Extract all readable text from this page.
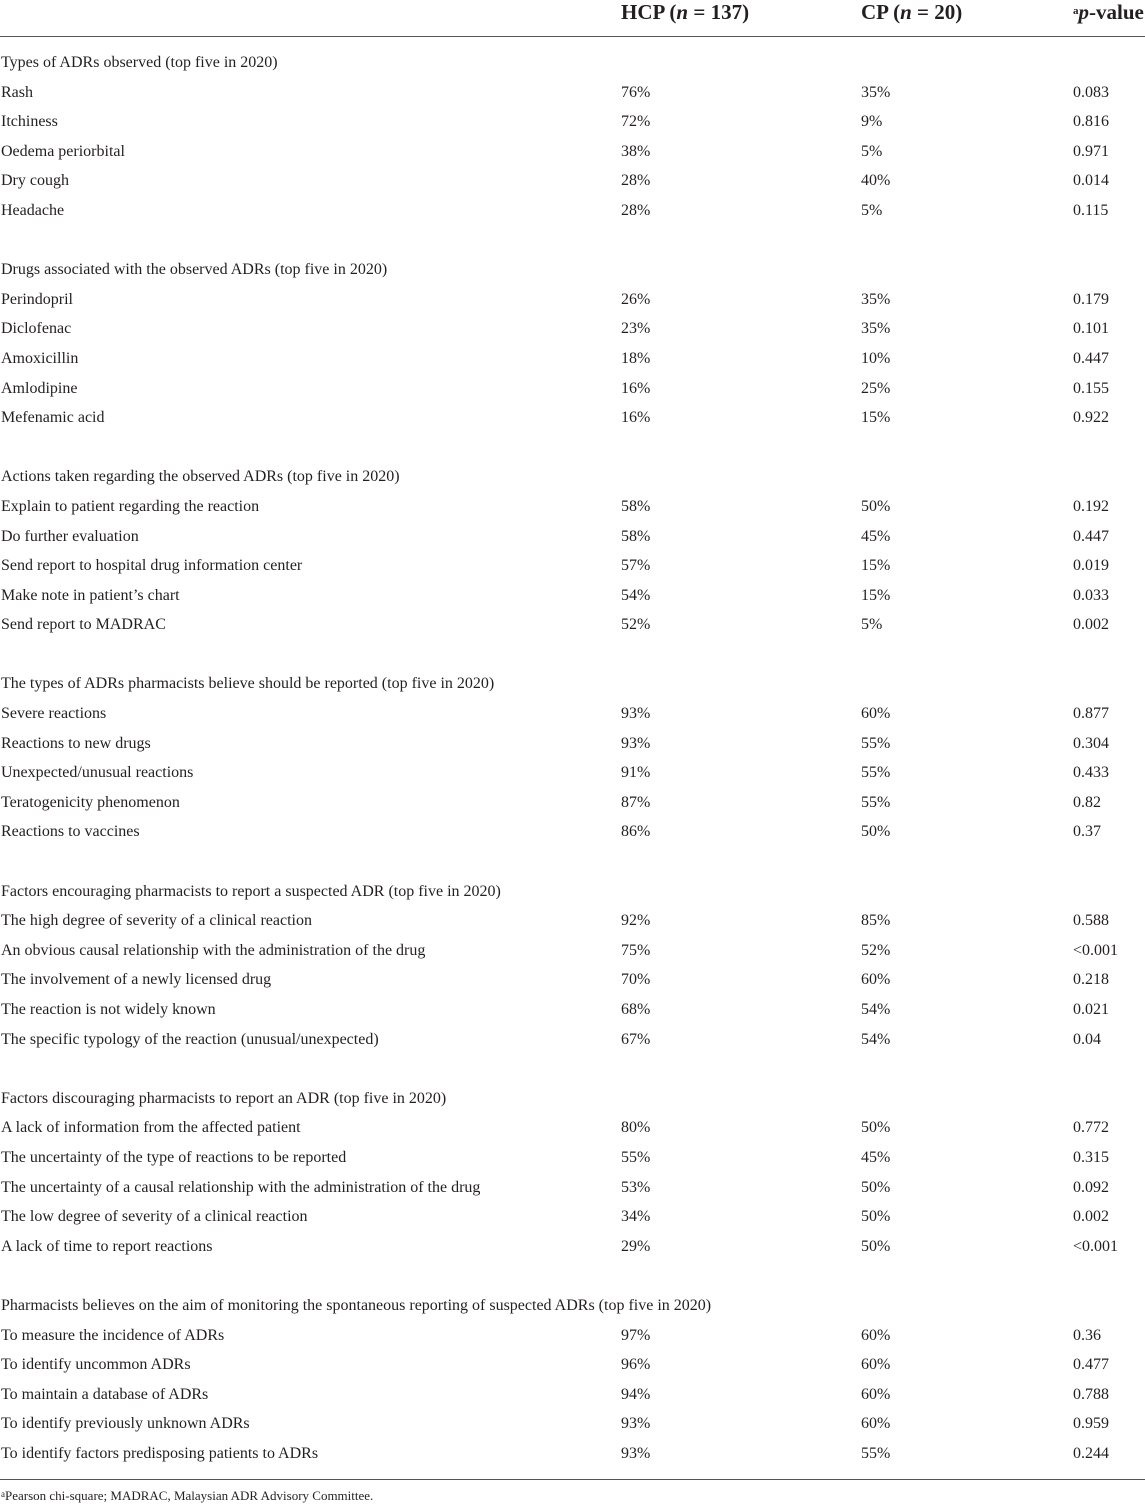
HCP (n = 137)	CP (n = 20)	$^a$p-value
Types of ADRs observed (top five in 2020)
Rash	76%	35%	0.083
Itchiness	72%	9%	0.816
Oedema periorbital	38%	5%	0.971
Dry cough	28%	40%	0.014
Headache	28%	5%	0.115
Drugs associated with the observed ADRs (top five in 2020)
Perindopril	26%	35%	0.179
Diclofenac	23%	35%	0.101
Amoxicillin	18%	10%	0.447
Amlodipine	16%	25%	0.155
Mefenamic acid	16%	15%	0.922
Actions taken regarding the observed ADRs (top five in 2020)
Explain to patient regarding the reaction	58%	50%	0.192
Do further evaluation	58%	45%	0.447
Send report to hospital drug information center	57%	15%	0.019
Make note in patient’s chart	54%	15%	0.033
Send report to MADRAC	52%	5%	0.002
The types of ADRs pharmacists believe should be reported (top five in 2020)
Severe reactions	93%	60%	0.877
Reactions to new drugs	93%	55%	0.304
Unexpected/unusual reactions	91%	55%	0.433
Teratogenicity phenomenon	87%	55%	0.82
Reactions to vaccines	86%	50%	0.37
Factors encouraging pharmacists to report a suspected ADR (top five in 2020)
The high degree of severity of a clinical reaction	92%	85%	0.588
An obvious causal relationship with the administration of the drug	75%	52%	<0.001
The involvement of a newly licensed drug	70%	60%	0.218
The reaction is not widely known	68%	54%	0.021
The specific typology of the reaction (unusual/unexpected)	67%	54%	0.04
Factors discouraging pharmacists to report an ADR (top five in 2020)
A lack of information from the affected patient	80%	50%	0.772
The uncertainty of the type of reactions to be reported	55%	45%	0.315
The uncertainty of a causal relationship with the administration of the drug	53%	50%	0.092
The low degree of severity of a clinical reaction	34%	50%	0.002
A lack of time to report reactions	29%	50%	<0.001
Pharmacists believes on the aim of monitoring the spontaneous reporting of suspected ADRs (top five in 2020)
To measure the incidence of ADRs	97%	60%	0.36
To identify uncommon ADRs	96%	60%	0.477
To maintain a database of ADRs	94%	60%	0.788
To identify previously unknown ADRs	93%	60%	0.959
To identify factors predisposing patients to ADRs	93%	55%	0.244
$^a$Pearson chi-square; MADRAC, Malaysian ADR Advisory Committee.
